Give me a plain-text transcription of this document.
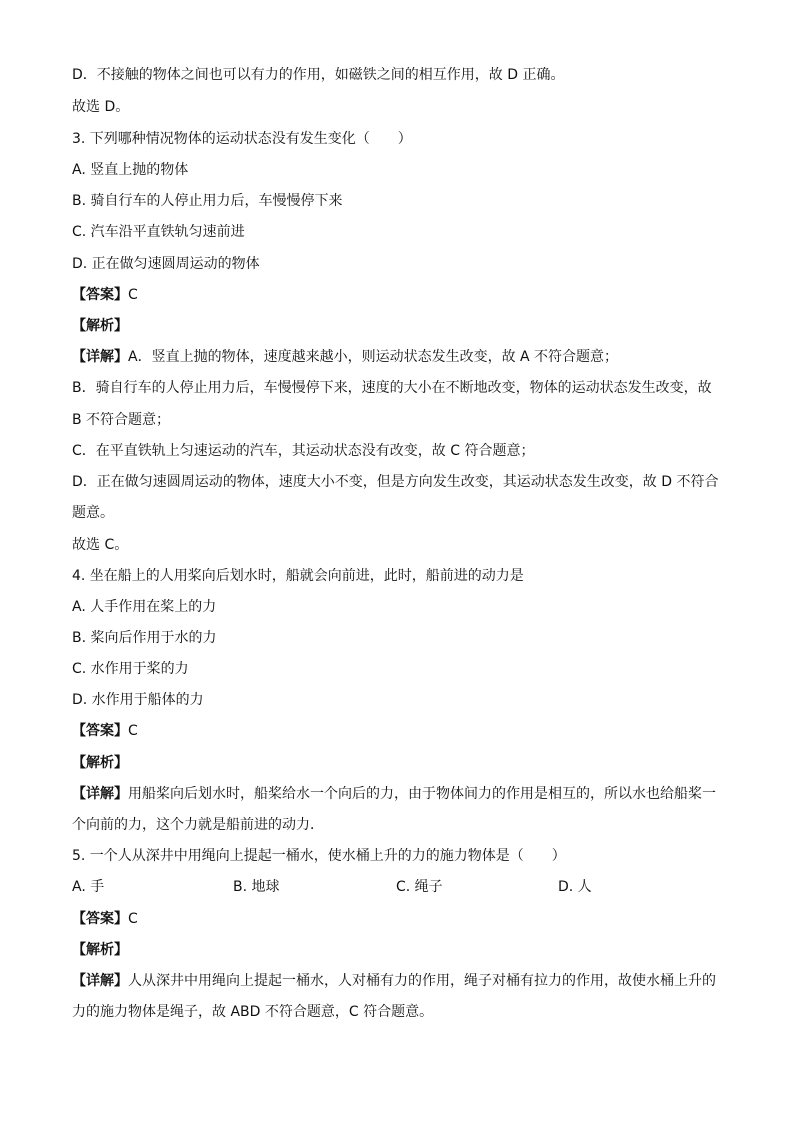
D．不接触的物体之间也可以有力的作用，如磁铁之间的相互作用，故 D 正确。
故选 D。
3. 下列哪种情况物体的运动状态没有发生变化（　　）
A. 竖直上抛的物体
B. 骑自行车的人停止用力后，车慢慢停下来
C. 汽车沿平直铁轨匀速前进
D. 正在做匀速圆周运动的物体
【答案】C
【解析】
【详解】A．竖直上抛的物体，速度越来越小，则运动状态发生改变，故 A 不符合题意；
B．骑自行车的人停止用力后，车慢慢停下来，速度的大小在不断地改变，物体的运动状态发生改变，故
B 不符合题意；
C．在平直铁轨上匀速运动的汽车，其运动状态没有改变，故 C 符合题意；
D．正在做匀速圆周运动的物体，速度大小不变，但是方向发生改变，其运动状态发生改变，故 D 不符合
题意。
故选 C。
4. 坐在船上的人用桨向后划水时，船就会向前进，此时，船前进的动力是
A. 人手作用在桨上的力
B. 桨向后作用于水的力
C. 水作用于桨的力
D. 水作用于船体的力
【答案】C
【解析】
【详解】用船桨向后划水时，船桨给水一个向后的力，由于物体间力的作用是相互的，所以水也给船桨一
个向前的力，这个力就是船前进的动力．
5. 一个人从深井中用绳向上提起一桶水，使水桶上升的力的施力物体是（　　）
A. 手	B. 地球	C. 绳子	D. 人
【答案】C
【解析】
【详解】人从深井中用绳向上提起一桶水，人对桶有力的作用，绳子对桶有拉力的作用，故使水桶上升的
力的施力物体是绳子，故 ABD 不符合题意，C 符合题意。
